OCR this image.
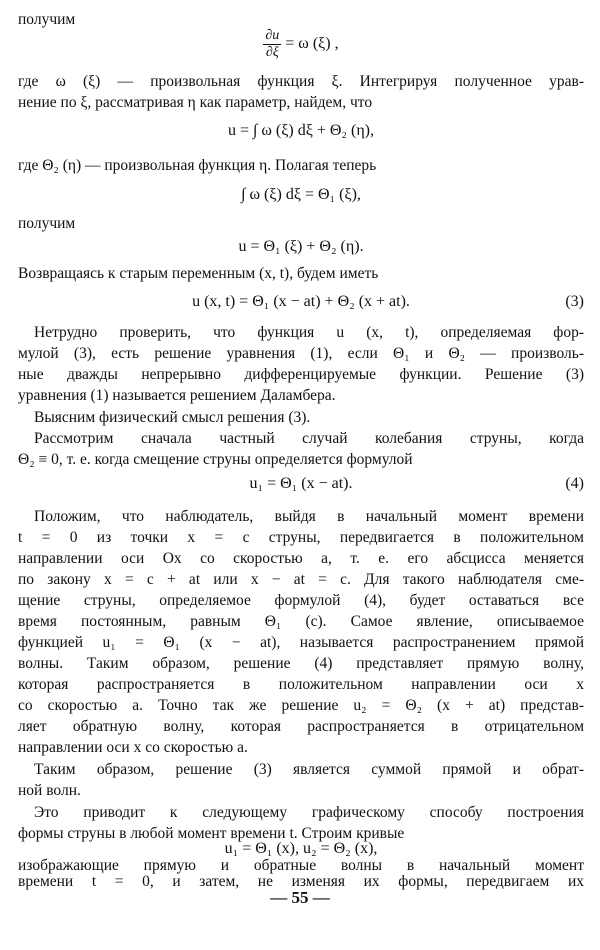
получим

$\frac{\partial u}{\partial\xi} = \omega$ (ξ) ,

где ω (ξ) — произвольная функция ξ. Интегрируя полученное урав-

нение по ξ, рассматривая η как параметр, найдем, что

u = ∫ ω (ξ) dξ + Θ₂ (η),

где Θ₂ (η) — произвольная функция η. Полагая теперь

∫ ω (ξ) dξ = Θ₁ (ξ),

получим

u = Θ₁ (ξ) + Θ₂ (η).

Возвращаясь к старым переменным (x, t), будем иметь

u (x, t) = Θ₁ (x − at) + Θ₂ (x + at).	(3)

Нетрудно проверить, что функция u (x, t), определяемая фор-

мулой (3), есть решение уравнения (1), если Θ₁ и Θ₂ — произволь-

ные дважды непрерывно дифференцируемые функции. Решение (3)

уравнения (1) называется решением Даламбера.

Выясним физический смысл решения (3).

Рассмотрим сначала частный случай колебания струны, когда

Θ₂ ≡ 0, т. е. когда смещение струны определяется формулой

u₁ = Θ₁ (x − at).	(4)

Положим, что наблюдатель, выйдя в начальный момент времени

t = 0 из точки x = c струны, передвигается в положительном

направлении оси Ox со скоростью a, т. е. его абсцисса меняется

по закону x = c + at или x − at = c. Для такого наблюдателя сме-

щение струны, определяемое формулой (4), будет оставаться все

время постоянным, равным Θ₁ (c). Самое явление, описываемое

функцией u₁ = Θ₁ (x − at), называется распространением прямой

волны. Таким образом, решение (4) представляет прямую волну,

которая распространяется в положительном направлении оси x

со скоростью a. Точно так же решение u₂ = Θ₂ (x + at) представ-

ляет обратную волну, которая распространяется в отрицательном

направлении оси x со скоростью a.

Таким образом, решение (3) является суммой прямой и обрат-

ной волн.

Это приводит к следующему графическому способу построения

формы струны в любой момент времени t. Строим кривые

u₁ = Θ₁ (x), u₂ = Θ₂ (x),
— 55 —

изображающие прямую и обратные волны в начальный момент

времени t = 0, и затем, не изменяя их формы, передвигаем их
